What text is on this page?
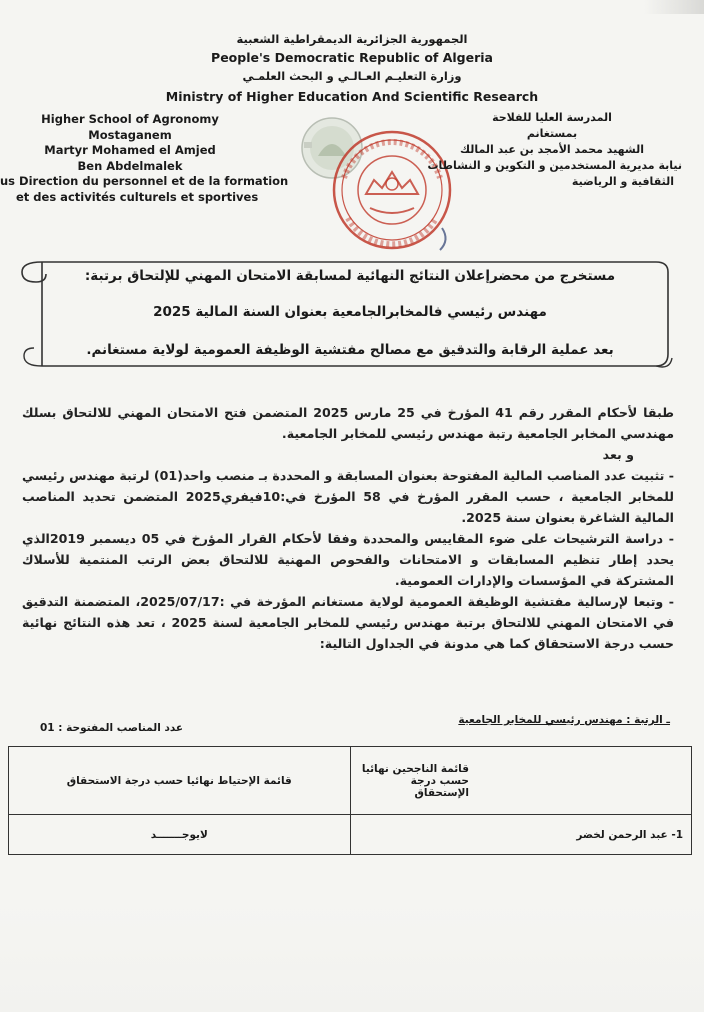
الجمهورية الجزائرية الديمقراطية الشعبية
People's Democratic Republic of Algeria
وزارة التعليـم العـالـي و البحث العلمـي
Ministry of Higher Education And Scientific Research
Higher School of Agronomy
Mostaganem
Martyr Mohamed el Amjed
Ben Abdelmalek
us Direction du personnel et de la formation
et des activités culturels et sportives
المدرسة العليا للفلاحة
بمستغانم
الشهيد محمد الأمجد بن عبد المالك
نيابة مديرية المستخدمين و التكوين و النشاطات
الثقافية و الرياضية
مستخرج من محضرإعلان النتائج النهائية لمسابقة الامتحان المهني للإلتحاق برتبة:
مهندس رئيسي فالمخابرالجامعية بعنوان السنة المالية 2025
بعد عملية الرقابة والتدقيق مع مصالح مفتشية الوظيفة العمومية لولاية مستغانم.

طبقا لأحكام المقرر رقم 41 المؤرخ في 25 مارس 2025 المتضمن فتح الامتحان المهني للالتحاق بسلك مهندسي المخابر الجامعية رتبة مهندس رئيسي للمخابر الجامعية.

و بعد

- تثبيت عدد المناصب المالية المفتوحة بعنوان المسابقة و المحددة بـ منصب واحد(01) لرتبة مهندس رئيسي للمخابر الجامعية ، حسب المقرر المؤرخ في 58 المؤرخ في:10فيفري2025 المتضمن تحديد المناصب المالية الشاغرة بعنوان سنة 2025.

- دراسة الترشيحات على ضوء المقاييس والمحددة وفقا لأحكام القرار المؤرخ في 05 ديسمبر 2019الذي يحدد إطار تنظيم المسابقات و الامتحانات والفحوص المهنية للالتحاق بعض الرتب المنتمية للأسلاك المشتركة في المؤسسات والإدارات العمومية.

- وتبعا لإرسالية مفتشية الوظيفة العمومية لولاية مستغانم المؤرخة في :2025/07/17، المتضمنة التدقيق في الامتحان المهني للالتحاق برتبة مهندس رئيسي للمخابر الجامعية لسنة 2025 ، تعد هذه النتائج نهائية حسب درجة الاستحقاق كما هي مدونة في الجداول التالية:

ـ الرتبة : مهندس رئيسي للمخابر الجامعية
عدد المناصب المفتوحة : 01
قائمة الناجحين نهائيا حسب درجة الإستحقاق	قائمة الإحتياط نهائيا حسب درجة الاستحقاق
1- عبد الرحمن لخضر	لايوجـــــــد
